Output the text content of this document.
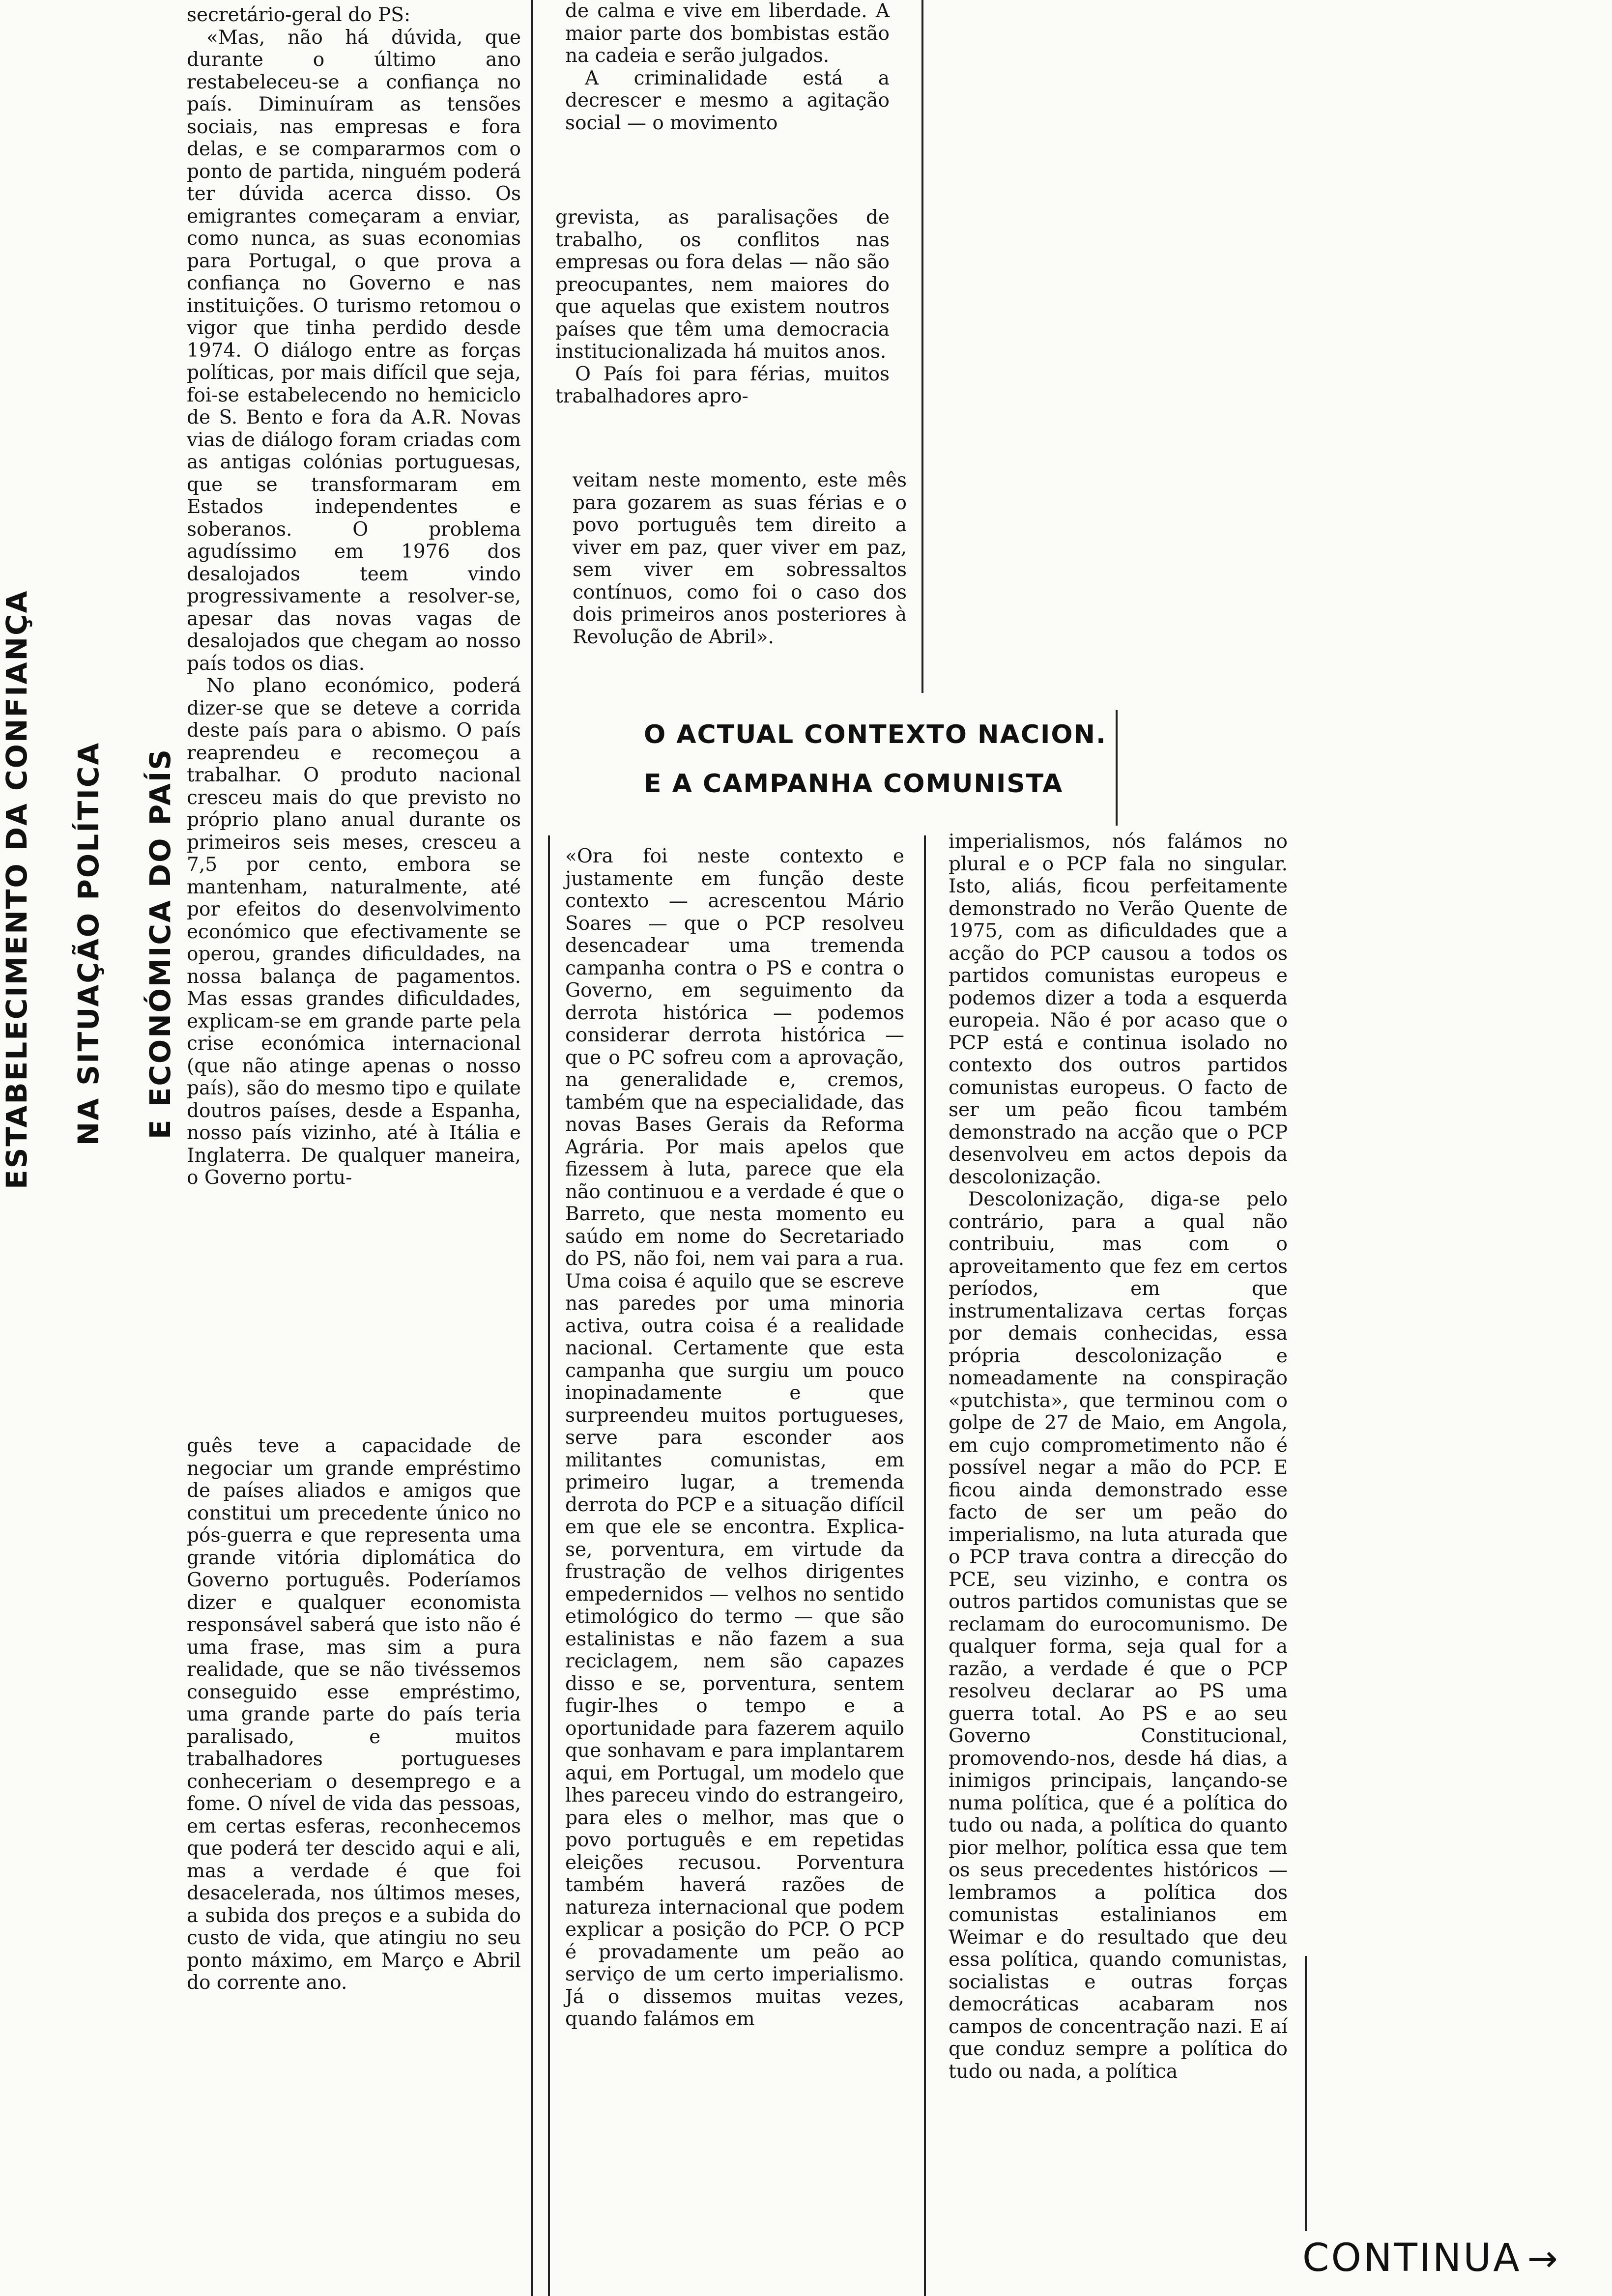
ESTABELECIMENTO DA CONFIANÇA NA SITUAÇÃO POLÍTICA E ECONÓMICA DO PAÍS

secretário-geral do PS:

«Mas, não há dúvida, que durante o último ano restabeleceu-se a confiança no país. Diminuíram as tensões sociais, nas empresas e fora delas, e se compararmos com o ponto de partida, ninguém poderá ter dúvida acerca disso. Os emigrantes começaram a enviar, como nunca, as suas economias para Portugal, o que prova a confiança no Governo e nas instituições. O turismo retomou o vigor que tinha perdido desde 1974. O diálogo entre as forças políticas, por mais difícil que seja, foi-se estabelecendo no hemiciclo de S. Bento e fora da A.R. Novas vias de diálogo foram criadas com as antigas colónias portuguesas, que se transformaram em Estados independentes e soberanos. O problema agudíssimo em 1976 dos desalojados teem vindo progressivamente a resolver-se, apesar das novas vagas de desalojados que chegam ao nosso país todos os dias.

No plano económico, poderá dizer-se que se deteve a corrida deste país para o abismo. O país reaprendeu e recomeçou a trabalhar. O produto nacional cresceu mais do que previsto no próprio plano anual durante os primeiros seis meses, cresceu a 7,5 por cento, embora se mantenham, naturalmente, até por efeitos do desenvolvimento económico que efectivamente se operou, grandes dificuldades, na nossa balança de pagamentos. Mas essas grandes dificuldades, explicam-se em grande parte pela crise económica internacional (que não atinge apenas o nosso país), são do mesmo tipo e quilate doutros países, desde a Espanha, nosso país vizinho, até à Itália e Inglaterra. De qualquer maneira, o Governo portu-

guês teve a capacidade de negociar um grande empréstimo de países aliados e amigos que constitui um precedente único no pós-guerra e que representa uma grande vitória diplomática do Governo português. Poderíamos dizer e qualquer economista responsável saberá que isto não é uma frase, mas sim a pura realidade, que se não tivéssemos conseguido esse empréstimo, uma grande parte do país teria paralisado, e muitos trabalhadores portugueses conheceriam o desemprego e a fome. O nível de vida das pessoas, em certas esferas, reconhecemos que poderá ter descido aqui e ali, mas a verdade é que foi desacelerada, nos últimos meses, a subida dos preços e a subida do custo de vida, que atingiu no seu ponto máximo, em Março e Abril do corrente ano.

de calma e vive em liberdade. A maior parte dos bombistas estão na cadeia e serão julgados.

A criminalidade está a decrescer e mesmo a agitação social — o movimento

grevista, as paralisações de trabalho, os conflitos nas empresas ou fora delas — não são preocupantes, nem maiores do que aquelas que existem noutros países que têm uma democracia institucionalizada há muitos anos.

O País foi para férias, muitos trabalhadores apro-

veitam neste momento, este mês para gozarem as suas férias e o povo português tem direito a viver em paz, quer viver em paz, sem viver em sobressaltos contínuos, como foi o caso dos dois primeiros anos posteriores à Revolução de Abril».

O ACTUAL CONTEXTO NACION.
E A CAMPANHA COMUNISTA

«Ora foi neste contexto e justamente em função deste contexto — acrescentou Mário Soares — que o PCP resolveu desencadear uma tremenda campanha contra o PS e contra o Governo, em seguimento da derrota histórica — podemos considerar derrota histórica — que o PC sofreu com a aprovação, na generalidade e, cremos, também que na especialidade, das novas Bases Gerais da Reforma Agrária. Por mais apelos que fizessem à luta, parece que ela não continuou e a verdade é que o Barreto, que nesta momento eu saúdo em nome do Secretariado do PS, não foi, nem vai para a rua. Uma coisa é aquilo que se escreve nas paredes por uma minoria activa, outra coisa é a realidade nacional. Certamente que esta campanha que surgiu um pouco inopinadamente e que surpreendeu muitos portugueses, serve para esconder aos militantes comunistas, em primeiro lugar, a tremenda derrota do PCP e a situação difícil em que ele se encontra. Explica-se, porventura, em virtude da frustração de velhos dirigentes empedernidos — velhos no sentido etimológico do termo — que são estalinistas e não fazem a sua reciclagem, nem são capazes disso e se, porventura, sentem fugir-lhes o tempo e a oportunidade para fazerem aquilo que sonhavam e para implantarem aqui, em Portugal, um modelo que lhes pareceu vindo do estrangeiro, para eles o melhor, mas que o povo português e em repetidas eleições recusou. Porventura também haverá razões de natureza internacional que podem explicar a posição do PCP. O PCP é provadamente um peão ao serviço de um certo imperialismo. Já o dissemos muitas vezes, quando falámos em

imperialismos, nós falámos no plural e o PCP fala no singular. Isto, aliás, ficou perfeitamente demonstrado no Verão Quente de 1975, com as dificuldades que a acção do PCP causou a todos os partidos comunistas europeus e podemos dizer a toda a esquerda europeia. Não é por acaso que o PCP está e continua isolado no contexto dos outros partidos comunistas europeus. O facto de ser um peão ficou também demonstrado na acção que o PCP desenvolveu em actos depois da descolonização.

Descolonização, diga-se pelo contrário, para a qual não contribuiu, mas com o aproveitamento que fez em certos períodos, em que instrumentalizava certas forças por demais conhecidas, essa própria descolonização e nomeadamente na conspiração «putchista», que terminou com o golpe de 27 de Maio, em Angola, em cujo comprometimento não é possível negar a mão do PCP. E ficou ainda demonstrado esse facto de ser um peão do imperialismo, na luta aturada que o PCP trava contra a direcção do PCE, seu vizinho, e contra os outros partidos comunistas que se reclamam do eurocomunismo. De qualquer forma, seja qual for a razão, a verdade é que o PCP resolveu declarar ao PS uma guerra total. Ao PS e ao seu Governo Constitucional, promovendo-nos, desde há dias, a inimigos principais, lançando-se numa política, que é a política do tudo ou nada, a política do quanto pior melhor, política essa que tem os seus precedentes históricos — lembramos a política dos comunistas estalinianos em Weimar e do resultado que deu essa política, quando comunistas, socialistas e outras forças democráticas acabaram nos campos de concentração nazi. E aí que conduz sempre a política do tudo ou nada, a política

CONTINUA →
